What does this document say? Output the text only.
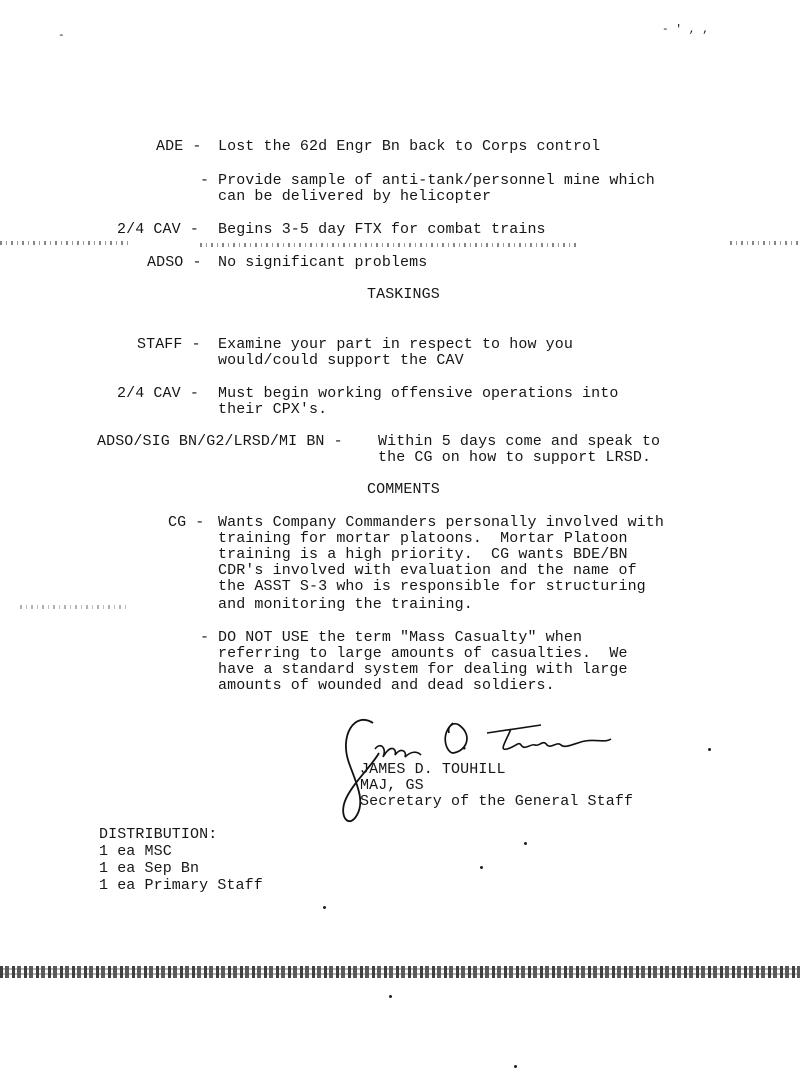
- ' , ,
-
ADE - Lost the 62d Engr Bn back to Corps control
- Provide sample of anti-tank/personnel mine which
can be delivered by helicopter
2/4 CAV - Begins 3-5 day FTX for combat trains
ADSO - No significant problems
TASKINGS
STAFF - Examine your part in respect to how you
would/could support the CAV
2/4 CAV - Must begin working offensive operations into
their CPX's.
ADSO/SIG BN/G2/LRSD/MI BN - Within 5 days come and speak to
the CG on how to support LRSD.
COMMENTS
CG - Wants Company Commanders personally involved with
training for mortar platoons.  Mortar Platoon
training is a high priority.  CG wants BDE/BN
CDR's involved with evaluation and the name of
the ASST S-3 who is responsible for structuring
and monitoring the training.
- DO NOT USE the term "Mass Casualty" when
referring to large amounts of casualties.  We
have a standard system for dealing with large
amounts of wounded and dead soldiers.
JAMES D. TOUHILL
MAJ, GS
Secretary of the General Staff
DISTRIBUTION:
1 ea MSC
1 ea Sep Bn
1 ea Primary Staff
